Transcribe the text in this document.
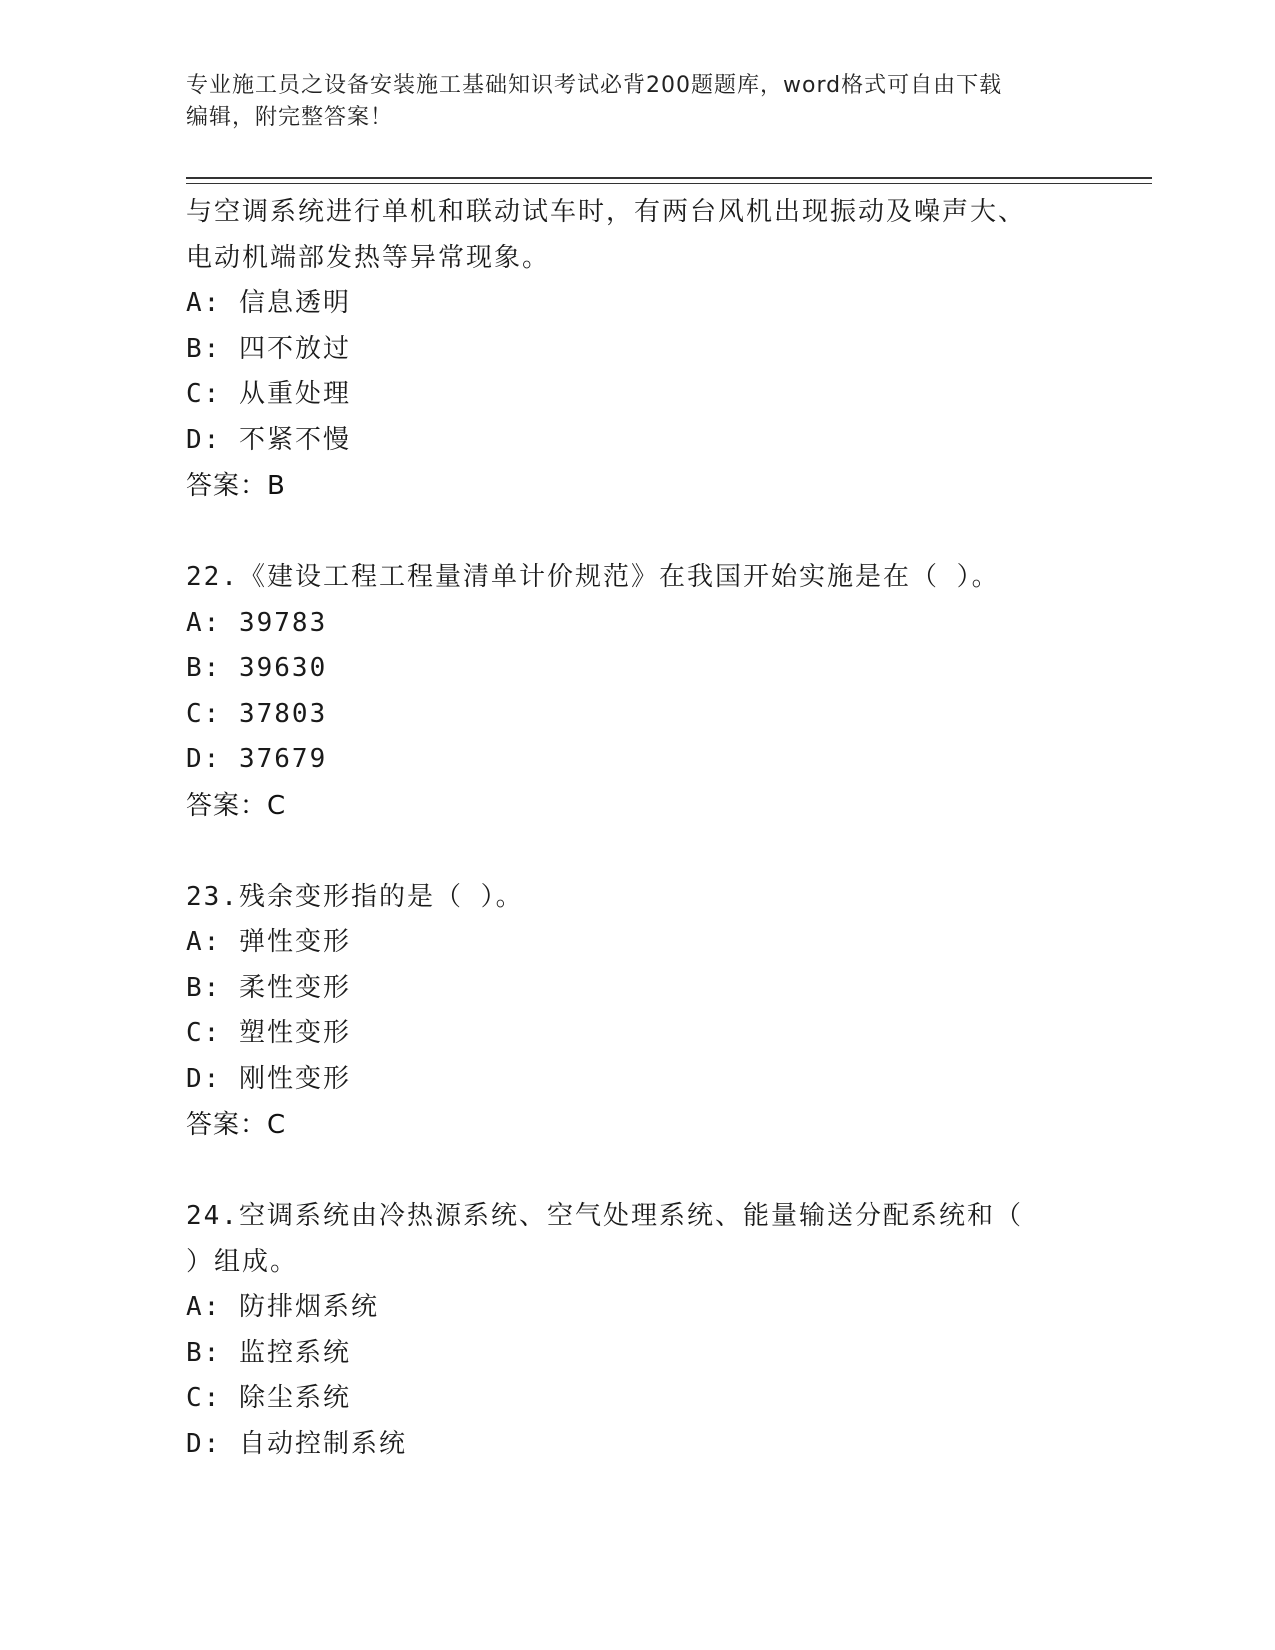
专业施工员之设备安装施工基础知识考试必背200题题库，word格式可自由下载
编辑，附完整答案！
与空调系统进行单机和联动试车时，有两台风机出现振动及噪声大、
电动机端部发热等异常现象。
A: 信息透明
B: 四不放过
C: 从重处理
D: 不紧不慢
答案：B
22.《建设工程工程量清单计价规范》在我国开始实施是在（ ）。
A: 39783
B: 39630
C: 37803
D: 37679
答案：C
23.残余变形指的是（ ）。
A: 弹性变形
B: 柔性变形
C: 塑性变形
D: 刚性变形
答案：C
24.空调系统由冷热源系统、空气处理系统、能量输送分配系统和（
）组成。
A: 防排烟系统
B: 监控系统
C: 除尘系统
D: 自动控制系统
